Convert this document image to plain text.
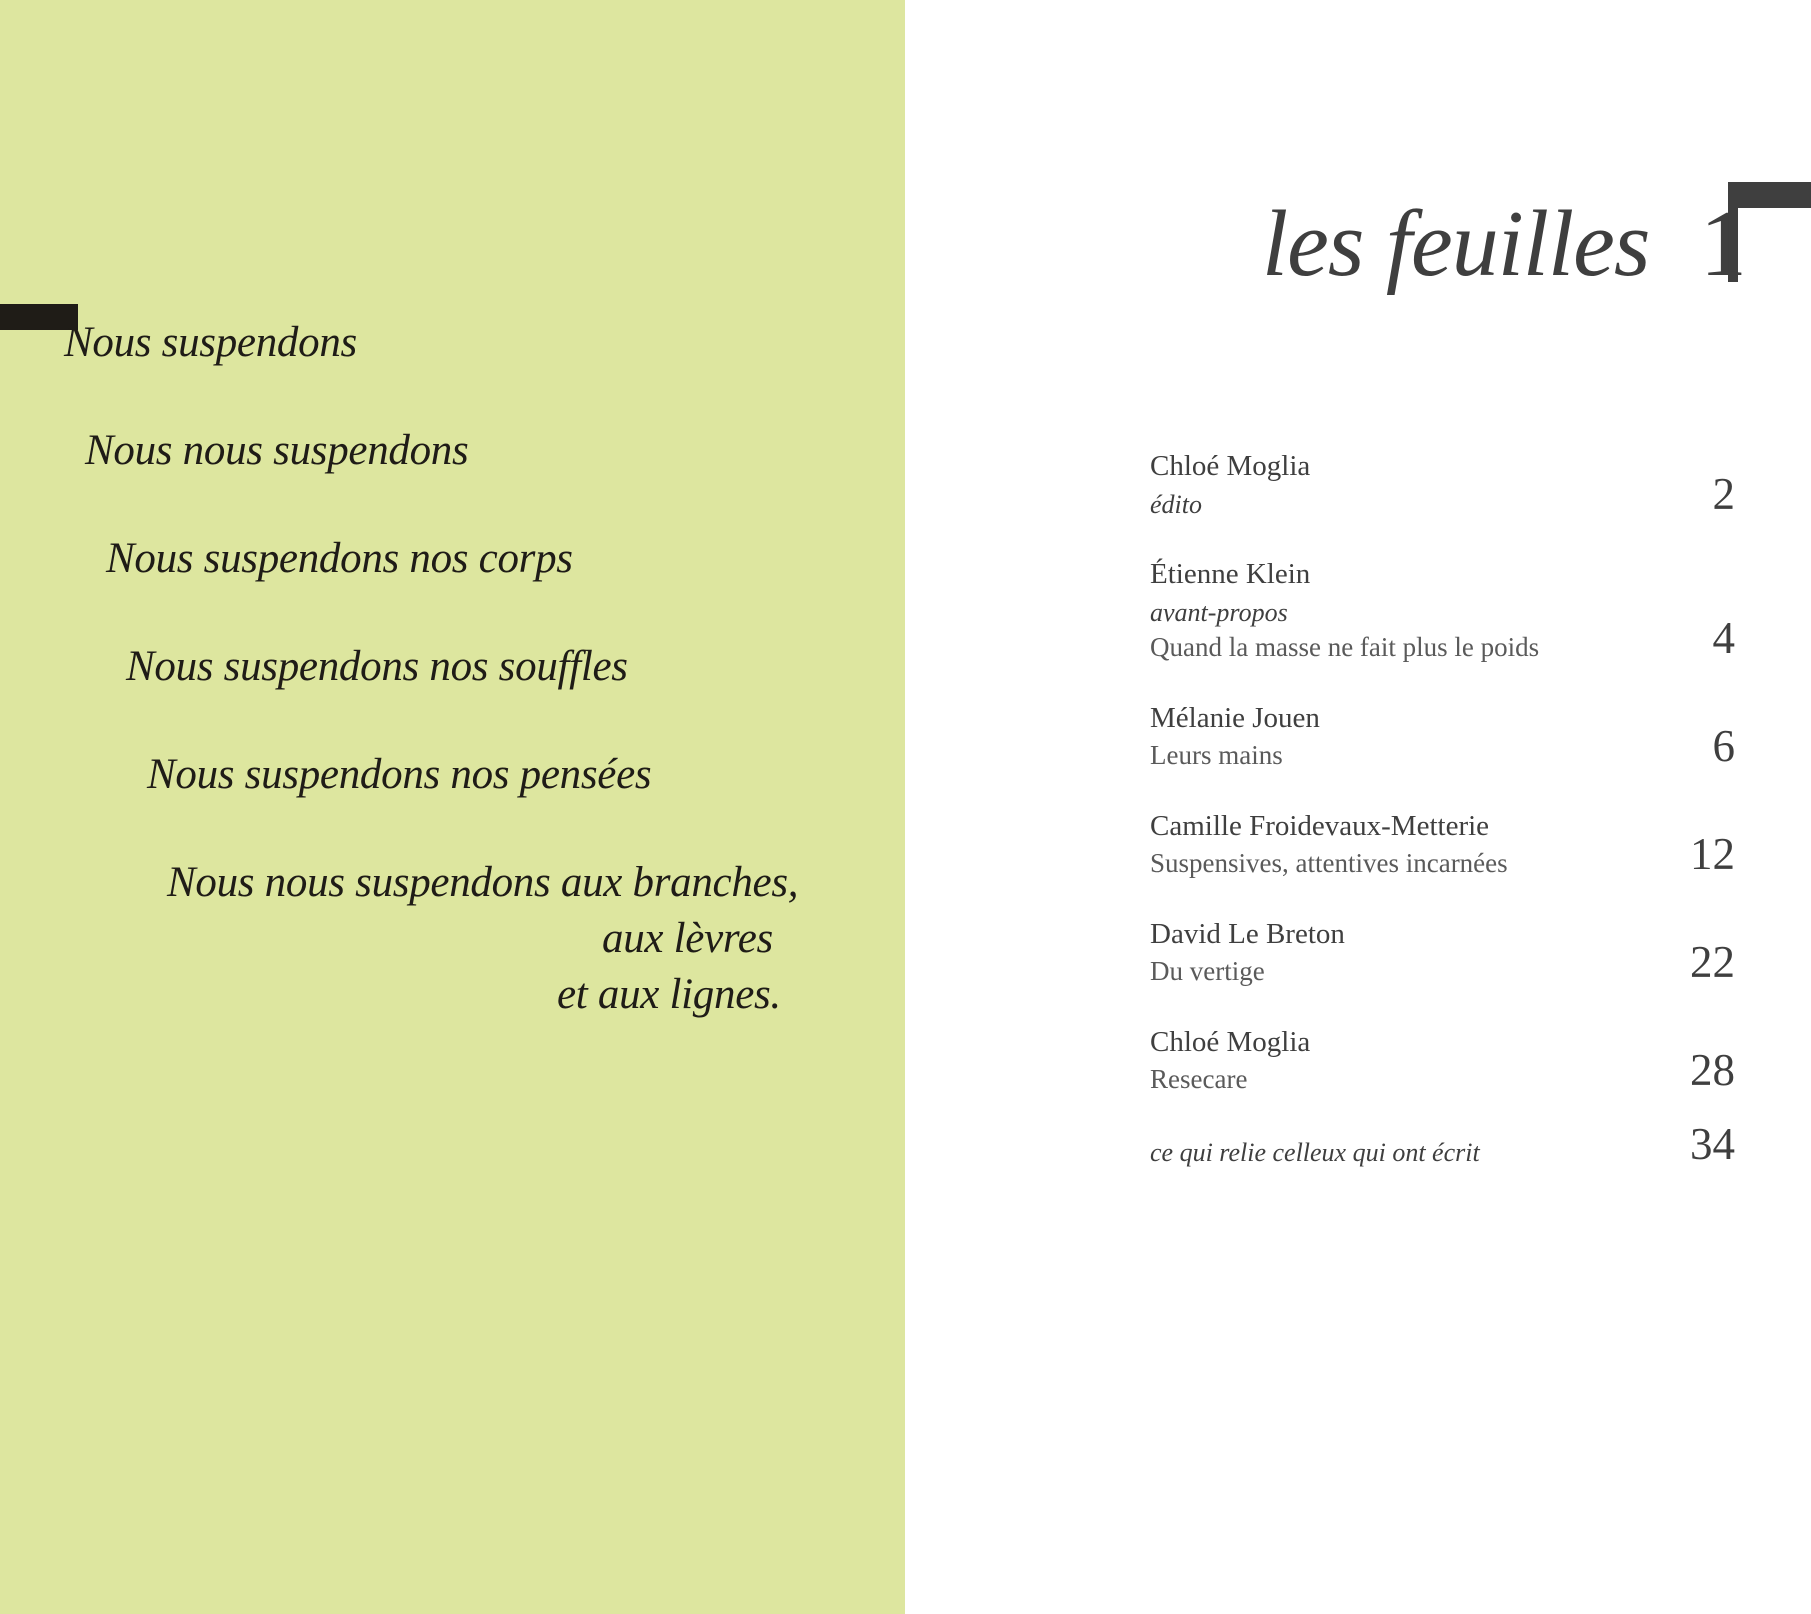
Nous suspendons
Nous nous suspendons
Nous suspendons nos corps
Nous suspendons nos souffles
Nous suspendons nos pensées
Nous nous suspendons aux branches,
aux lèvres
et aux lignes.
les feuilles 1
Chloé Moglia
édito	2
Étienne Klein
avant-propos
Quand la masse ne fait plus le poids	4
Mélanie Jouen
Leurs mains	6
Camille Froidevaux-Metterie
Suspensives, attentives incarnées	12
David Le Breton
Du vertige	22
Chloé Moglia
Resecare	28
ce qui relie celleux qui ont écrit	34
